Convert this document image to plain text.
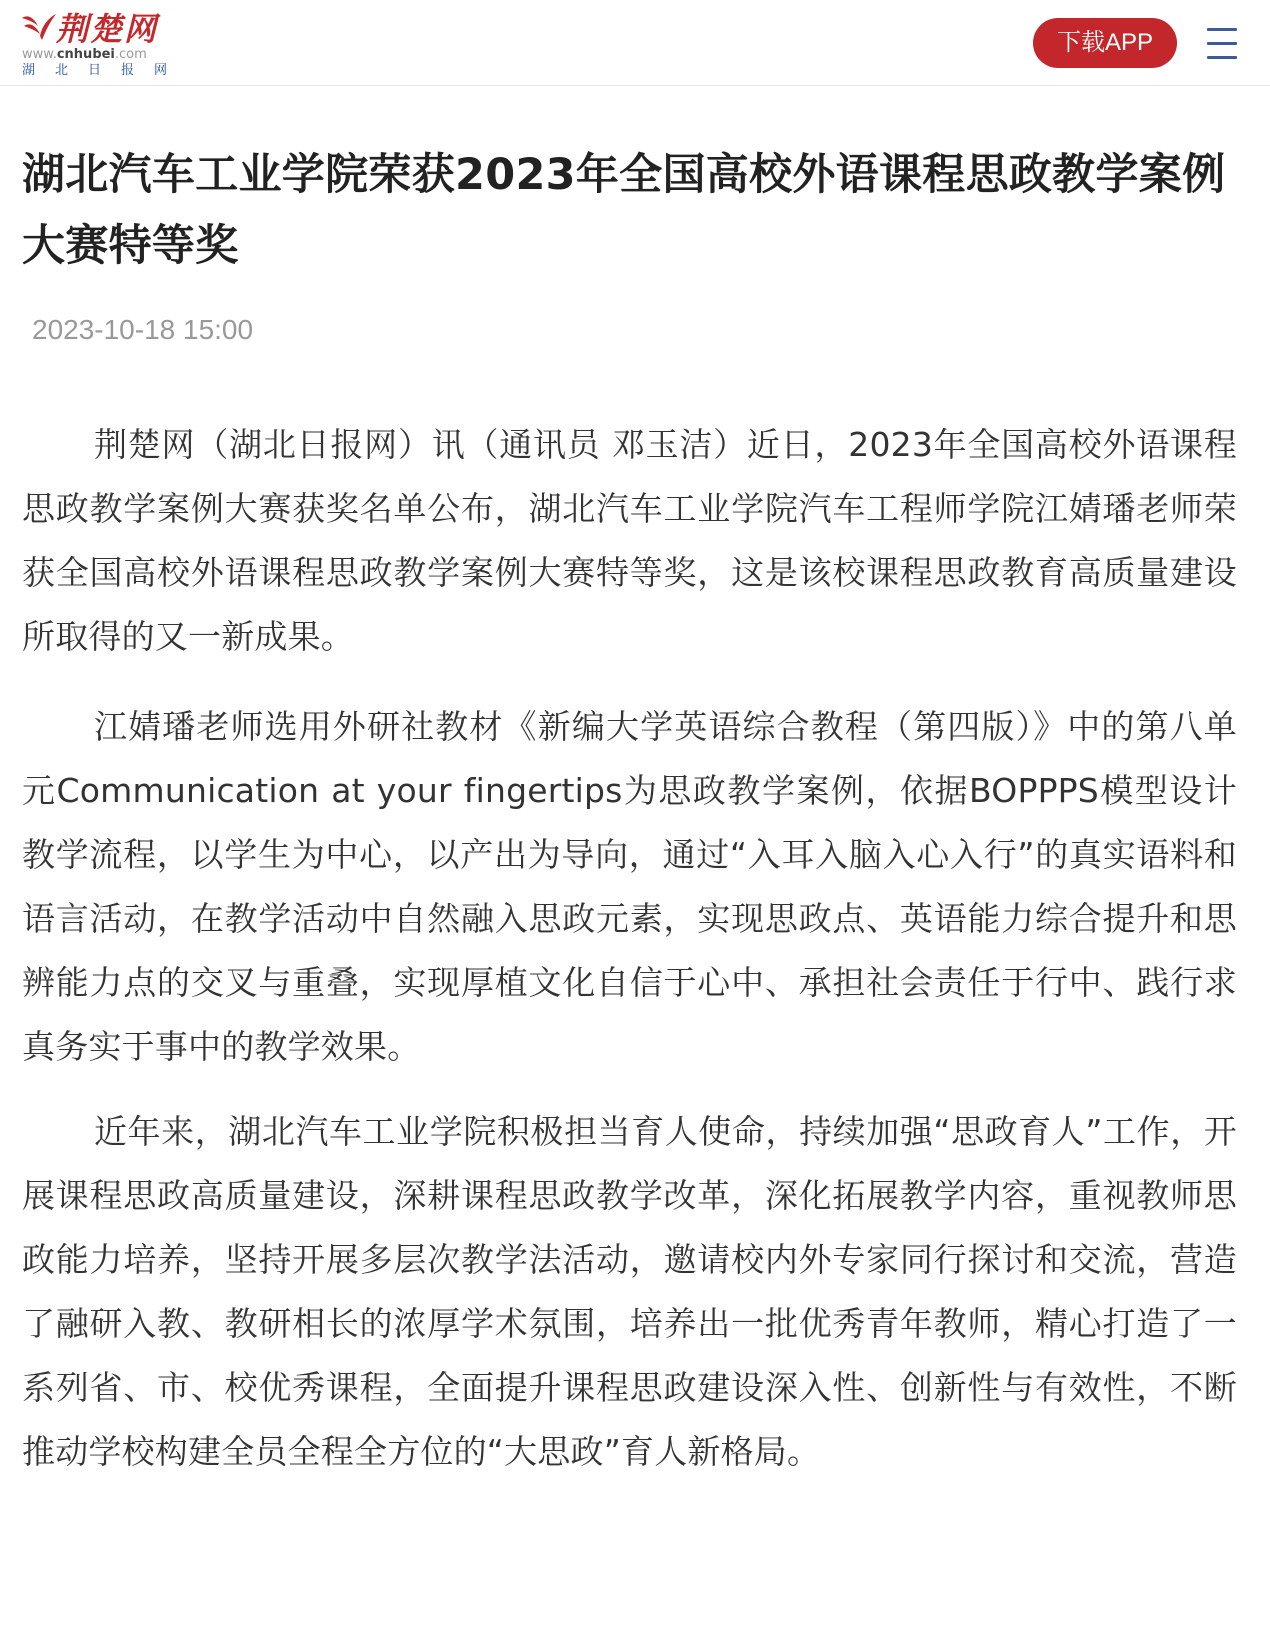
荆楚网
www.cnhubei.com
湖北日报网
下载APP
湖北汽车工业学院荣获2023年全国高校外语课程思政教学案例大赛特等奖
2023-10-18 15:00

荆楚网（湖北日报网）讯（通讯员 邓玉洁）近日，2023年全国高校外语课程思政教学案例大赛获奖名单公布，湖北汽车工业学院汽车工程师学院江婧璠老师荣获全国高校外语课程思政教学案例大赛特等奖，这是该校课程思政教育高质量建设所取得的又一新成果。

江婧璠老师选用外研社教材《新编大学英语综合教程（第四版）》中的第八单元Communication at your fingertips为思政教学案例，依据BOPPPS模型设计教学流程，以学生为中心，以产出为导向，通过“入耳入脑入心入行”的真实语料和语言活动，在教学活动中自然融入思政元素，实现思政点、英语能力综合提升和思辨能力点的交叉与重叠，实现厚植文化自信于心中、承担社会责任于行中、践行求真务实于事中的教学效果。

近年来，湖北汽车工业学院积极担当育人使命，持续加强“思政育人”工作，开展课程思政高质量建设，深耕课程思政教学改革，深化拓展教学内容，重视教师思政能力培养，坚持开展多层次教学法活动，邀请校内外专家同行探讨和交流，营造了融研入教、教研相长的浓厚学术氛围，培养出一批优秀青年教师，精心打造了一系列省、市、校优秀课程，全面提升课程思政建设深入性、创新性与有效性，不断推动学校构建全员全程全方位的“大思政”育人新格局。
